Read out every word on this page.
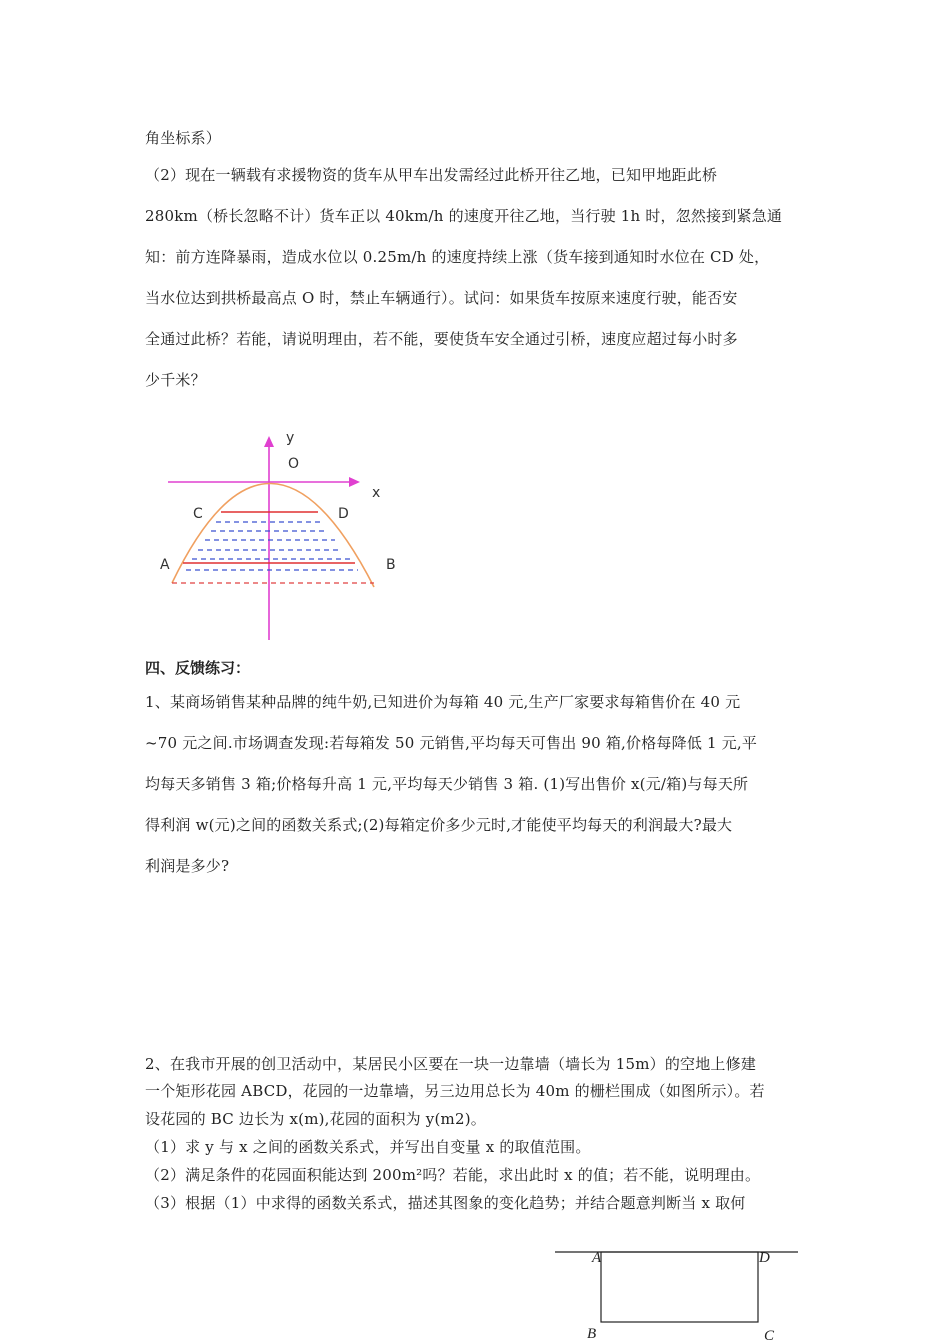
角坐标系）
（2）现在一辆载有求援物资的货车从甲车出发需经过此桥开往乙地，已知甲地距此桥
280km（桥长忽略不计）货车正以 40km/h 的速度开往乙地，当行驶 1h 时，忽然接到紧急通
知：前方连降暴雨，造成水位以 0.25m/h 的速度持续上涨（货车接到通知时水位在 CD 处，
当水位达到拱桥最高点 O 时，禁止车辆通行）。试问：如果货车按原来速度行驶，能否安
全通过此桥？若能，请说明理由，若不能，要使货车安全通过引桥，速度应超过每小时多
少千米？
y
O
x
C	D
A	B
四、反馈练习：
1、某商场销售某种品牌的纯牛奶,已知进价为每箱 40 元,生产厂家要求每箱售价在 40 元
~70 元之间.市场调查发现:若每箱发 50 元销售,平均每天可售出 90 箱,价格每降低 1 元,平
均每天多销售 3 箱;价格每升高 1 元,平均每天少销售 3 箱. (1)写出售价 x(元/箱)与每天所
得利润 w(元)之间的函数关系式;(2)每箱定价多少元时,才能使平均每天的利润最大?最大
利润是多少?
2、在我市开展的创卫活动中，某居民小区要在一块一边靠墙（墙长为 15m）的空地上修建
一个矩形花园 ABCD，花园的一边靠墙，另三边用总长为 40m 的栅栏围成（如图所示）。若
设花园的 BC 边长为 x(m),花园的面积为 y(m2)。
（1）求 y 与 x 之间的函数关系式，并写出自变量 x 的取值范围。
（2）满足条件的花园面积能达到 200m²吗？若能，求出此时 x 的值；若不能，说明理由。
（3）根据（1）中求得的函数关系式，描述其图象的变化趋势；并结合题意判断当 x 取何
A	D
B	C
